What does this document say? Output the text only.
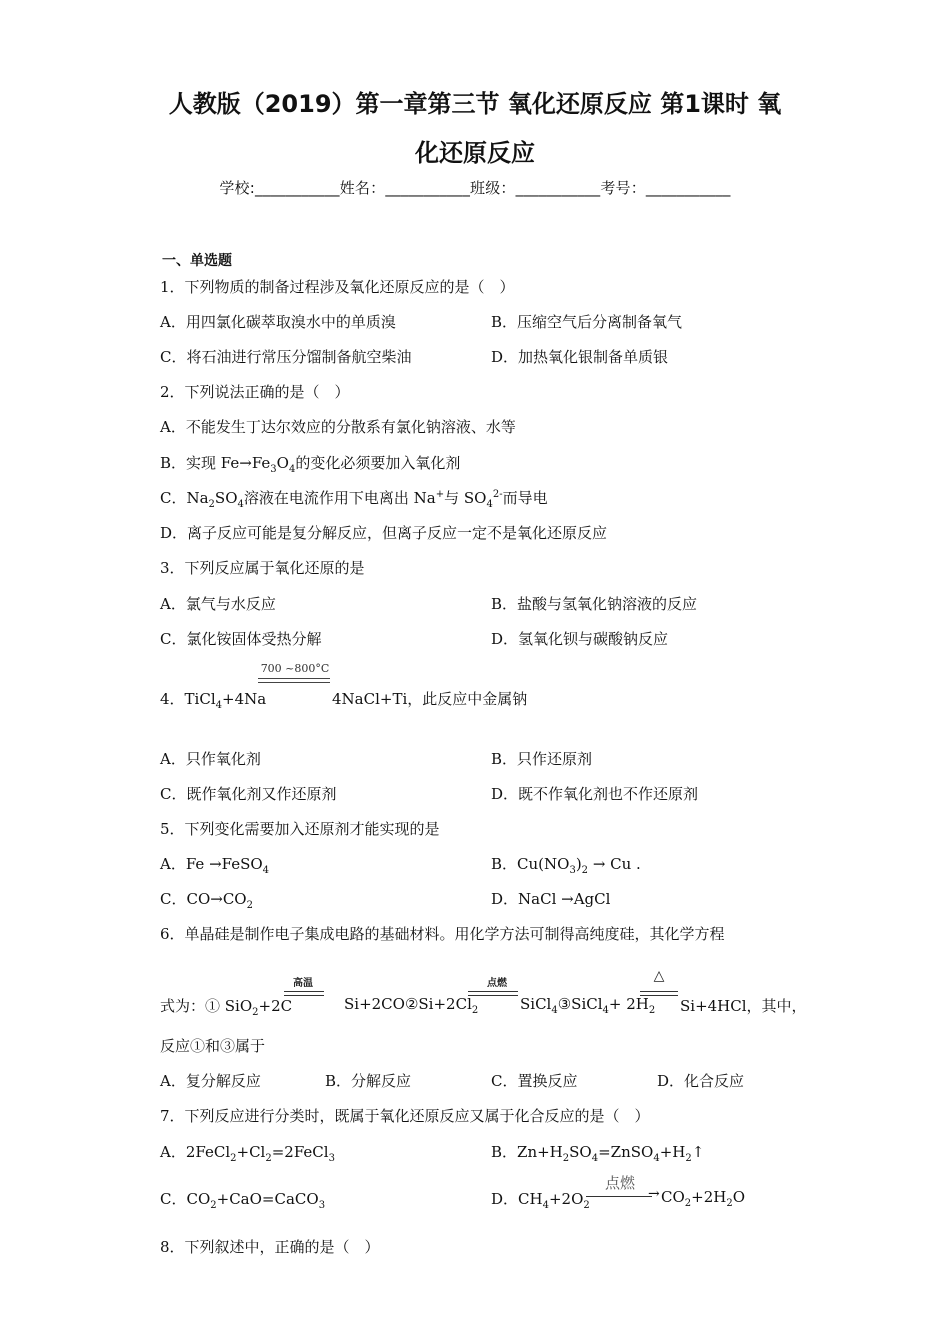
人教版（2019）第一章第三节 氧化还原反应 第1课时 氧
化还原反应
学校:___________姓名：___________班级：___________考号：___________
一、单选题
1．下列物质的制备过程涉及氧化还原反应的是（　）
A．用四氯化碳萃取溴水中的单质溴	B．压缩空气后分离制备氧气
C．将石油进行常压分馏制备航空柴油	D．加热氧化银制备单质银
2．下列说法正确的是（　）
A．不能发生丁达尔效应的分散系有氯化钠溶液、水等
B．实现 $Fe\to Fe_3O_4$的变化必须要加入氧化剂
C．$Na_2SO_4$溶液在电流作用下电离出 Na+与 $SO_4^{2-}$而导电
D．离子反应可能是复分解反应，但离子反应一定不是氧化还原反应
3．下列反应属于氧化还原的是
A．氯气与水反应	B．盐酸与氢氧化钠溶液的反应
C．氯化铵固体受热分解	D．氢氧化钡与碳酸钠反应
700 ~800°C
4．TiCl$_4$+4Na	4NaCl+Ti，此反应中金属钠
A．只作氧化剂	B．只作还原剂
C．既作氧化剂又作还原剂	D．既不作氧化剂也不作还原剂
5．下列变化需要加入还原剂才能实现的是
A．Fe →FeSO$_4$	B．$Cu(NO_3)_2 \to Cu$ .
C．$CO\to CO_2$	D．NaCl →AgCl
6．单晶硅是制作电子集成电路的基础材料。用化学方法可制得高纯度硅，其化学方程
高温	点燃	△
式为：① SiO$_2$+2C	$Si+2CO②Si+2Cl_2$	SiCl$_4$③SiCl$_4$+ $2H_2$ Si+4HCl，其中，
反应①和③属于
A．复分解反应	B．分解反应	C．置换反应	D．化合反应
7．下列反应进行分类时，既属于氧化还原反应又属于化合反应的是（　）
A．$2FeCl_2+Cl_2=2FeCl_3$	B．$Zn+H_2SO_4=ZnSO_4+H_2↑$
C．$CO_2+CaO=CaCO_3$	D．$CH_4+2O_2$
点燃
→ $CO_2+2H_2O$
8．下列叙述中，正确的是（　）
